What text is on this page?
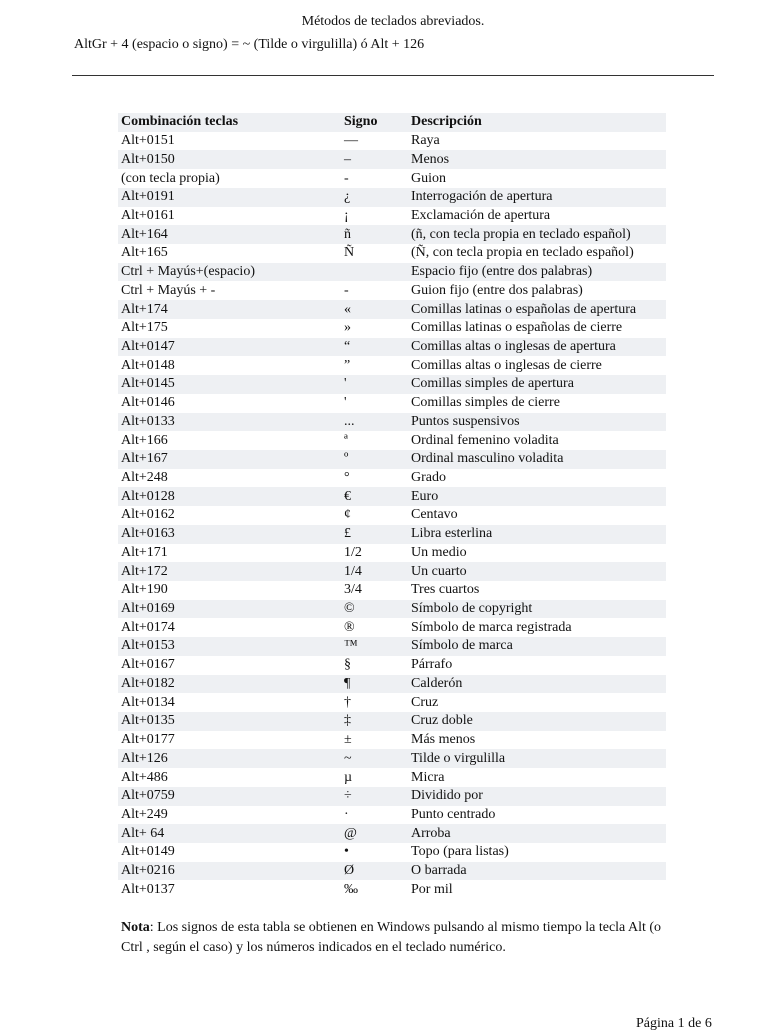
Métodos de teclados abreviados.
AltGr + 4 (espacio o signo) = ~ (Tilde o virgulilla) ó Alt + 126
Combinación teclas	Signo	Descripción
Alt+0151	—	Raya
Alt+0150	–	Menos
(con tecla propia)	-	Guion
Alt+0191	¿	Interrogación de apertura
Alt+0161	¡	Exclamación de apertura
Alt+164	ñ	(ñ, con tecla propia en teclado español)
Alt+165	Ñ	(Ñ, con tecla propia en teclado español)
Ctrl + Mayús+(espacio)		Espacio fijo (entre dos palabras)
Ctrl + Mayús + -	-	Guion fijo (entre dos palabras)
Alt+174	«	Comillas latinas o españolas de apertura
Alt+175	»	Comillas latinas o españolas de cierre
Alt+0147	“	Comillas altas o inglesas de apertura
Alt+0148	”	Comillas altas o inglesas de cierre
Alt+0145	'	Comillas simples de apertura
Alt+0146	'	Comillas simples de cierre
Alt+0133	...	Puntos suspensivos
Alt+166	ª	Ordinal femenino voladita
Alt+167	º	Ordinal masculino voladita
Alt+248	°	Grado
Alt+0128	€	Euro
Alt+0162	¢	Centavo
Alt+0163	£	Libra esterlina
Alt+171	1/2	Un medio
Alt+172	1/4	Un cuarto
Alt+190	3/4	Tres cuartos
Alt+0169	©	Símbolo de copyright
Alt+0174	®	Símbolo de marca registrada
Alt+0153	™	Símbolo de marca
Alt+0167	§	Párrafo
Alt+0182	¶	Calderón
Alt+0134	†	Cruz
Alt+0135	‡	Cruz doble
Alt+0177	±	Más menos
Alt+126	~	Tilde o virgulilla
Alt+486	µ	Micra
Alt+0759	÷	Dividido por
Alt+249	·	Punto centrado
Alt+ 64	@	Arroba
Alt+0149	•	Topo (para listas)
Alt+0216	Ø	O barrada
Alt+0137	‰	Por mil
Nota: Los signos de esta tabla se obtienen en Windows pulsando al mismo tiempo la tecla Alt (o Ctrl , según el caso) y los números indicados en el teclado numérico.
Página 1 de 6
